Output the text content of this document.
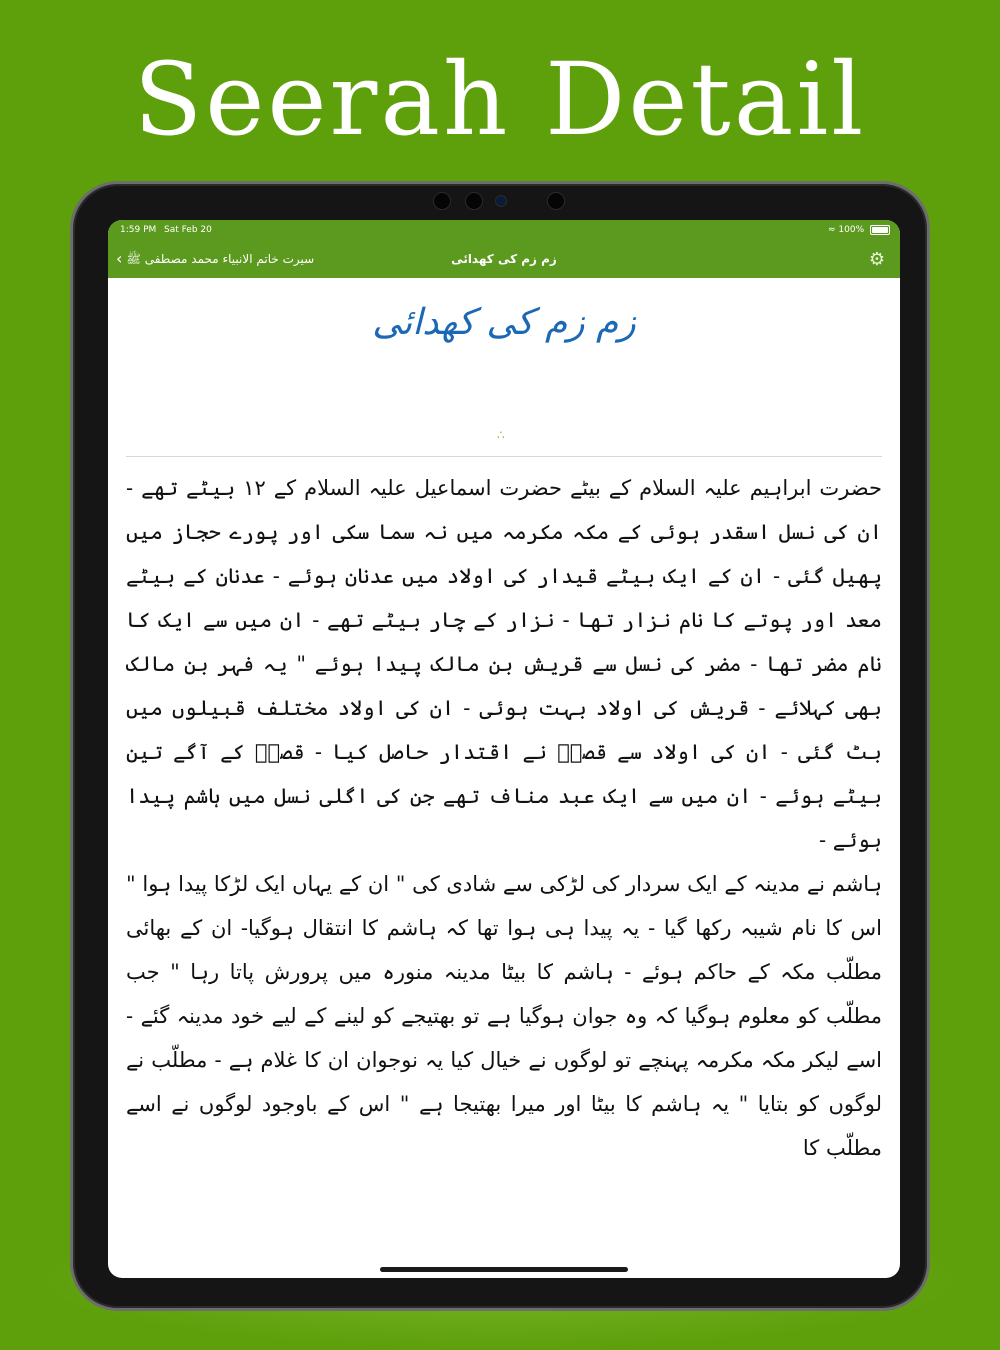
Seerah Detail
1:59 PM Sat Feb 20	≈ 100%
‹ سیرت خاتم الانبیاء محمد مصطفی ﷺ	زم زم کی کھدائی	⚙
زم زم کی کھدائی
∴

حضرت ابراہیم علیہ السلام کے بیٹے حضرت اسماعیل علیہ السلام کے ۱۲ بیٹے تھے - ان کی نسل اسقدر ہوئی کے مکہ مکرمہ میں نہ سما سکی اور پورے حجاز میں پھیل گئی - ان کے ایک بیٹے قیدار کی اولاد میں عدنان ہوئے - عدنان کے بیٹے معد اور پوتے کا نام نزار تھا - نزار کے چار بیٹے تھے - ان میں سے ایک کا نام مضر تھا - مضر کی نسل سے قریش بن مالک پیدا ہوئے " یہ فہر بن مالک بھی کہلائے - قریش کی اولاد بہت ہوئی - ان کی اولاد مختلف قبیلوں میں بٹ گئی - ان کی اولاد سے قصیؔ نے اقتدار حاصل کیا - قصیؔ کے آگے تین بیٹے ہوئے - ان میں سے ایک عبد مناف تھے جن کی اگلی نسل میں ہاشم پیدا ہوئے -

ہاشم نے مدینہ کے ایک سردار کی لڑکی سے شادی کی " ان کے یہاں ایک لڑکا پیدا ہوا " اس کا نام شیبہ رکھا گیا - یہ پیدا ہی ہوا تھا کہ ہاشم کا انتقال ہوگیا- ان کے بھائی مطلّب مکہ کے حاکم ہوئے - ہاشم کا بیٹا مدینہ منورہ میں پرورش پاتا رہا " جب مطلّب کو معلوم ہوگیا کہ وہ جوان ہوگیا ہے تو بھتیجے کو لینے کے لیے خود مدینہ گئے - اسے لیکر مکہ مکرمہ پہنچے تو لوگوں نے خیال کیا یہ نوجوان ان کا غلام ہے - مطلّب نے لوگوں کو بتایا " یہ ہاشم کا بیٹا اور میرا بھتیجا ہے " اس کے باوجود لوگوں نے اسے مطلّب کا
